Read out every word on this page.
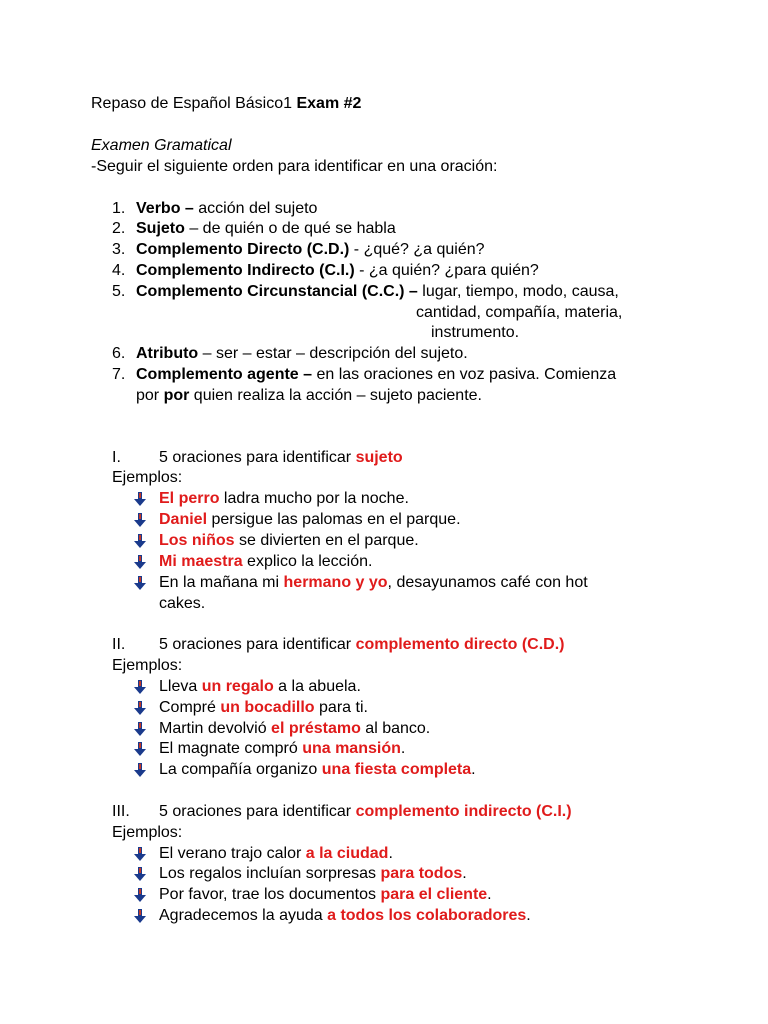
Repaso de Español Básico1 Exam #2
Examen Gramatical
-Seguir el siguiente orden para identificar en una oración:
1. Verbo – acción del sujeto
2. Sujeto – de quién o de qué se habla
3. Complemento Directo (C.D.) - ¿qué? ¿a quién?
4. Complemento Indirecto (C.I.) - ¿a quién? ¿para quién?
5. Complemento Circunstancial (C.C.) – lugar, tiempo, modo, causa,
cantidad, compañía, materia,
instrumento.
6. Atributo – ser – estar – descripción del sujeto.
7. Complemento agente – en las oraciones en voz pasiva. Comienza
por por quien realiza la acción – sujeto paciente.
I. 5 oraciones para identificar sujeto
Ejemplos:
El perro ladra mucho por la noche.
Daniel persigue las palomas en el parque.
Los niños se divierten en el parque.
Mi maestra explico la lección.
En la mañana mi hermano y yo, desayunamos café con hot
cakes.
II. 5 oraciones para identificar complemento directo (C.D.)
Ejemplos:
Lleva un regalo a la abuela.
Compré un bocadillo para ti.
Martin devolvió el préstamo al banco.
El magnate compró una mansión.
La compañía organizo una fiesta completa.
III. 5 oraciones para identificar complemento indirecto (C.I.)
Ejemplos:
El verano trajo calor a la ciudad.
Los regalos incluían sorpresas para todos.
Por favor, trae los documentos para el cliente.
Agradecemos la ayuda a todos los colaboradores.
